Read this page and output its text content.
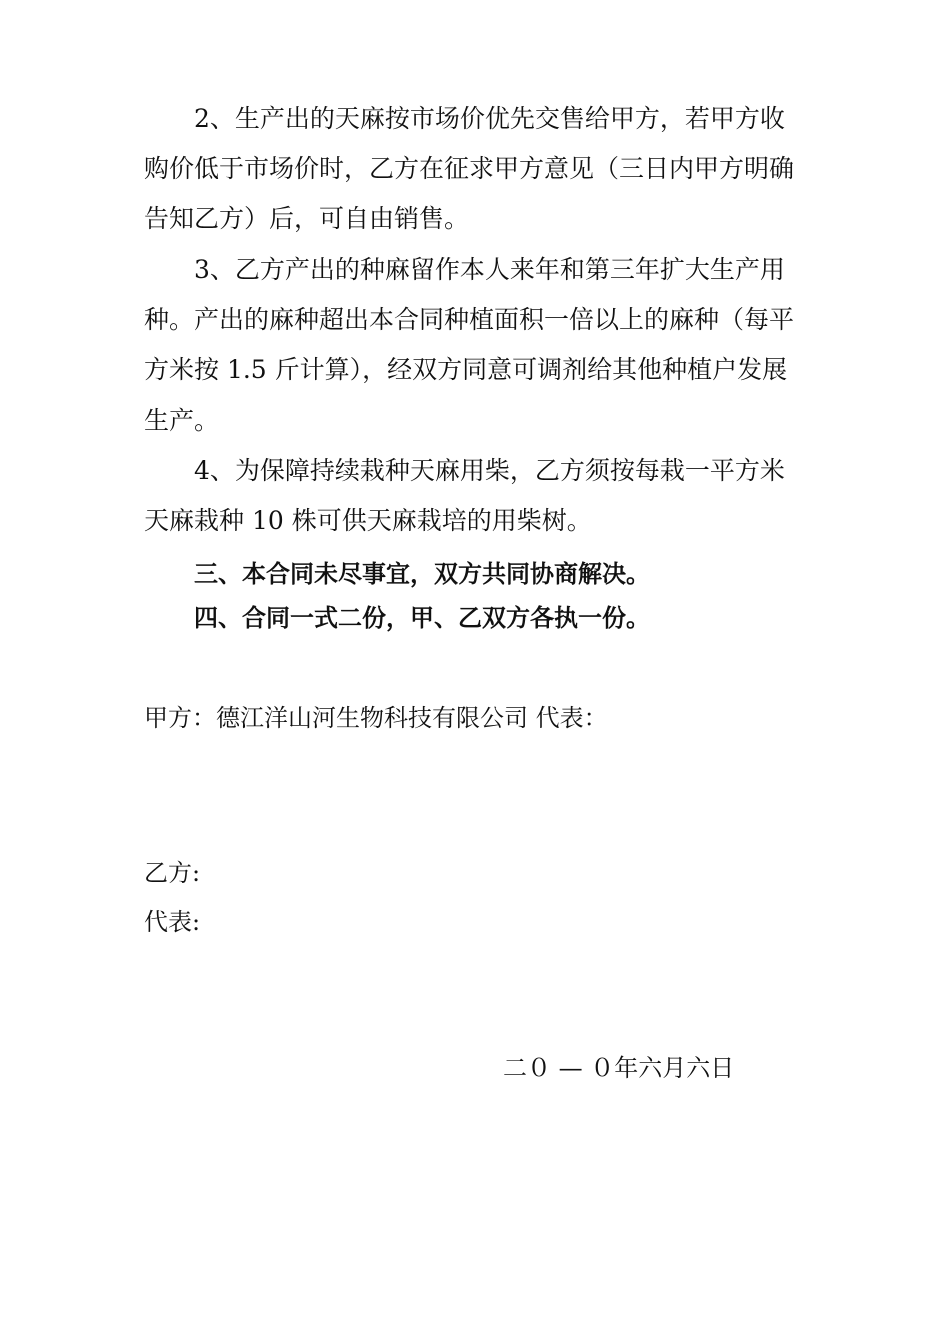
2、生产出的天麻按市场价优先交售给甲方，若甲方收
购价低于市场价时，乙方在征求甲方意见（三日内甲方明确
告知乙方）后，可自由销售。
3、乙方产出的种麻留作本人来年和第三年扩大生产用
种。产出的麻种超出本合同种植面积一倍以上的麻种（每平
方米按 1.5 斤计算），经双方同意可调剂给其他种植户发展
生产。
4、为保障持续栽种天麻用柴，乙方须按每栽一平方米
天麻栽种 10 株可供天麻栽培的用柴树。
三、本合同未尽事宜，双方共同协商解决。
四、合同一式二份，甲、乙双方各执一份。
甲方：德江洋山河生物科技有限公司 代表：
乙方:
代表:
二０ — ０年六月六日
